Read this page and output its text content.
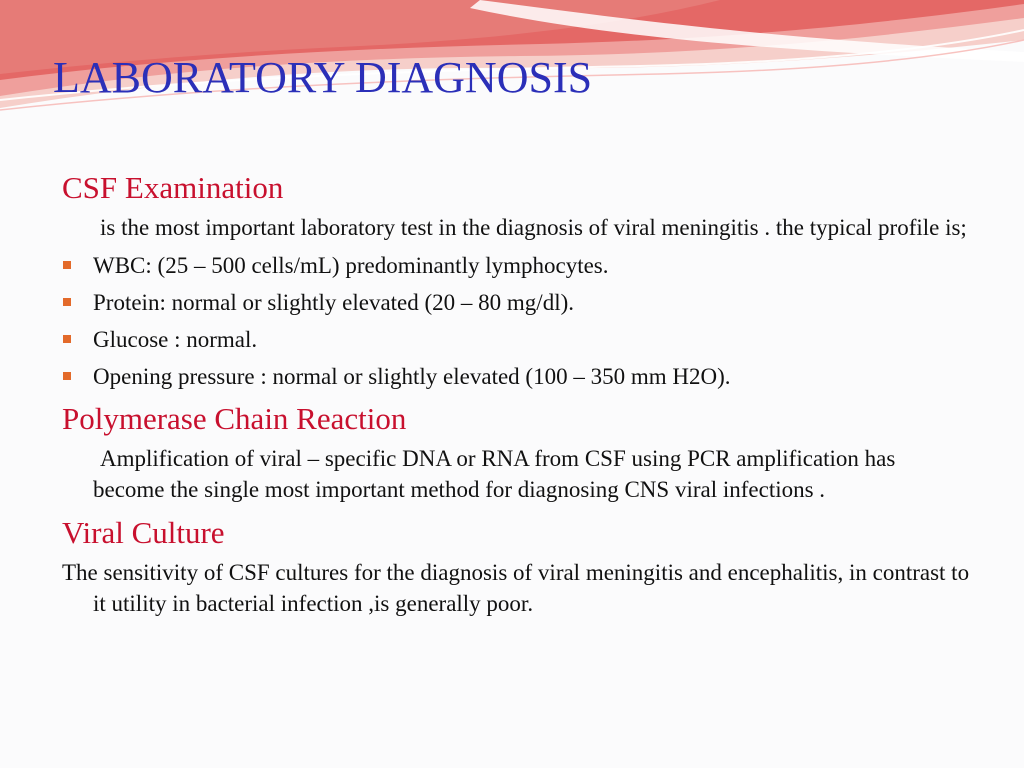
LABORATORY DIAGNOSIS
CSF Examination
is the most important laboratory test in the diagnosis of viral meningitis . the typical profile is;
WBC: (25 – 500 cells/mL) predominantly lymphocytes.
Protein: normal or slightly elevated (20 – 80 mg/dl).
Glucose : normal.
Opening pressure : normal or slightly elevated (100 – 350 mm H2O).
Polymerase Chain Reaction
Amplification of viral – specific DNA or RNA from CSF using PCR amplification has become the single most important method for diagnosing CNS viral infections .
Viral Culture
The sensitivity of CSF cultures for the diagnosis of viral meningitis and encephalitis, in contrast to it utility in bacterial infection ,is generally poor.
